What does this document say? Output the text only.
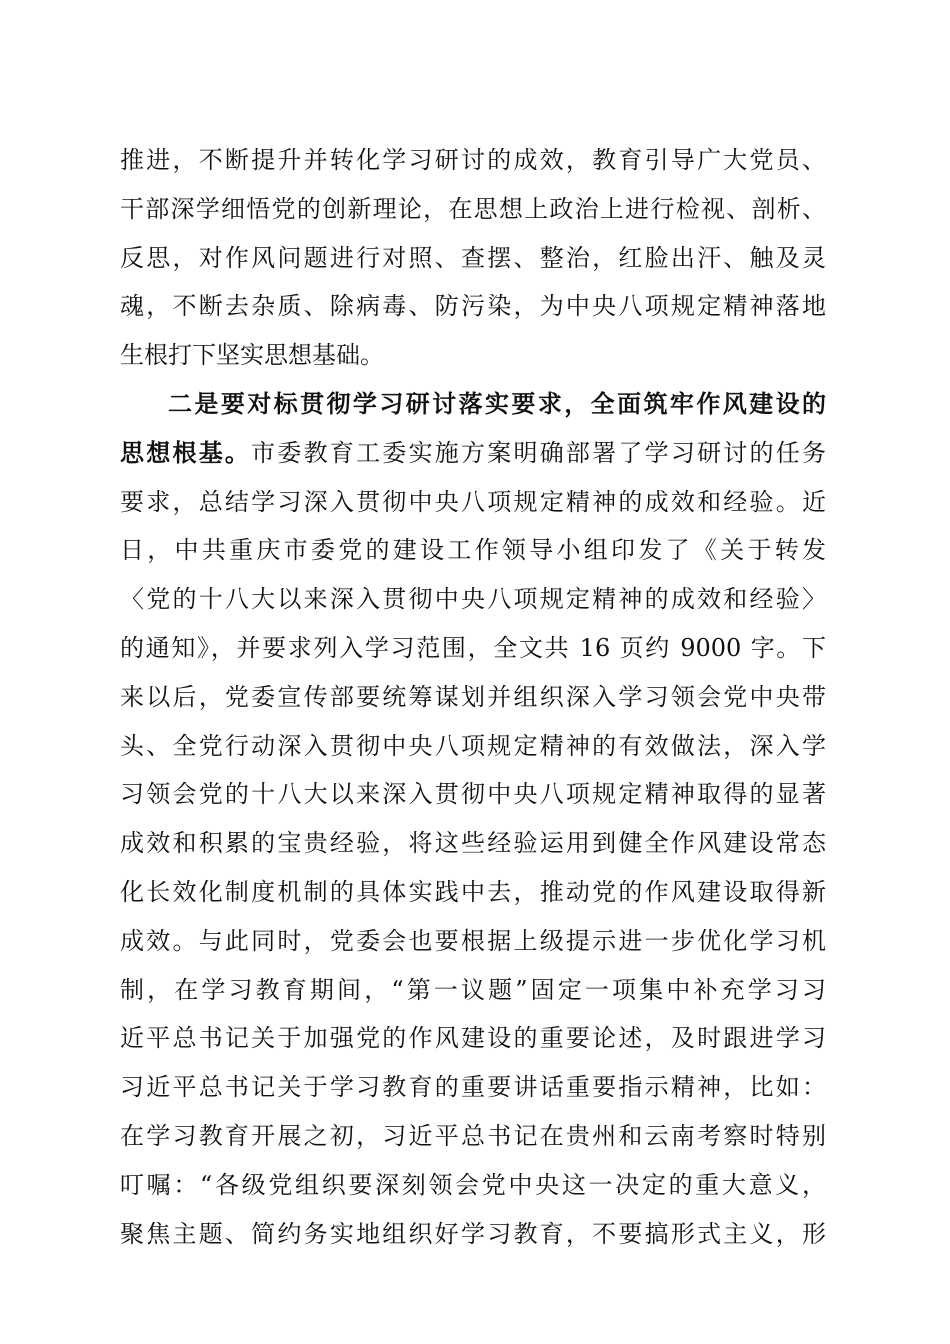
推进，不断提升并转化学习研讨的成效，教育引导广大党员、
干部深学细悟党的创新理论，在思想上政治上进行检视、剖析、
反思，对作风问题进行对照、查摆、整治，红脸出汗、触及灵
魂，不断去杂质、除病毒、防污染，为中央八项规定精神落地
生根打下坚实思想基础。
二是要对标贯彻学习研讨落实要求，全面筑牢作风建设的
思想根基。市委教育工委实施方案明确部署了学习研讨的任务
要求，总结学习深入贯彻中央八项规定精神的成效和经验。近
日，中共重庆市委党的建设工作领导小组印发了《关于转发
〈党的十八大以来深入贯彻中央八项规定精神的成效和经验〉
的通知》，并要求列入学习范围，全文共 16 页约 9000 字。下
来以后，党委宣传部要统筹谋划并组织深入学习领会党中央带
头、全党行动深入贯彻中央八项规定精神的有效做法，深入学
习领会党的十八大以来深入贯彻中央八项规定精神取得的显著
成效和积累的宝贵经验，将这些经验运用到健全作风建设常态
化长效化制度机制的具体实践中去，推动党的作风建设取得新
成效。与此同时，党委会也要根据上级提示进一步优化学习机
制，在学习教育期间，“第一议题”固定一项集中补充学习习
近平总书记关于加强党的作风建设的重要论述，及时跟进学习
习近平总书记关于学习教育的重要讲话重要指示精神，比如：
在学习教育开展之初，习近平总书记在贵州和云南考察时特别
叮嘱：“各级党组织要深刻领会党中央这一决定的重大意义，
聚焦主题、简约务实地组织好学习教育，不要搞形式主义，形
